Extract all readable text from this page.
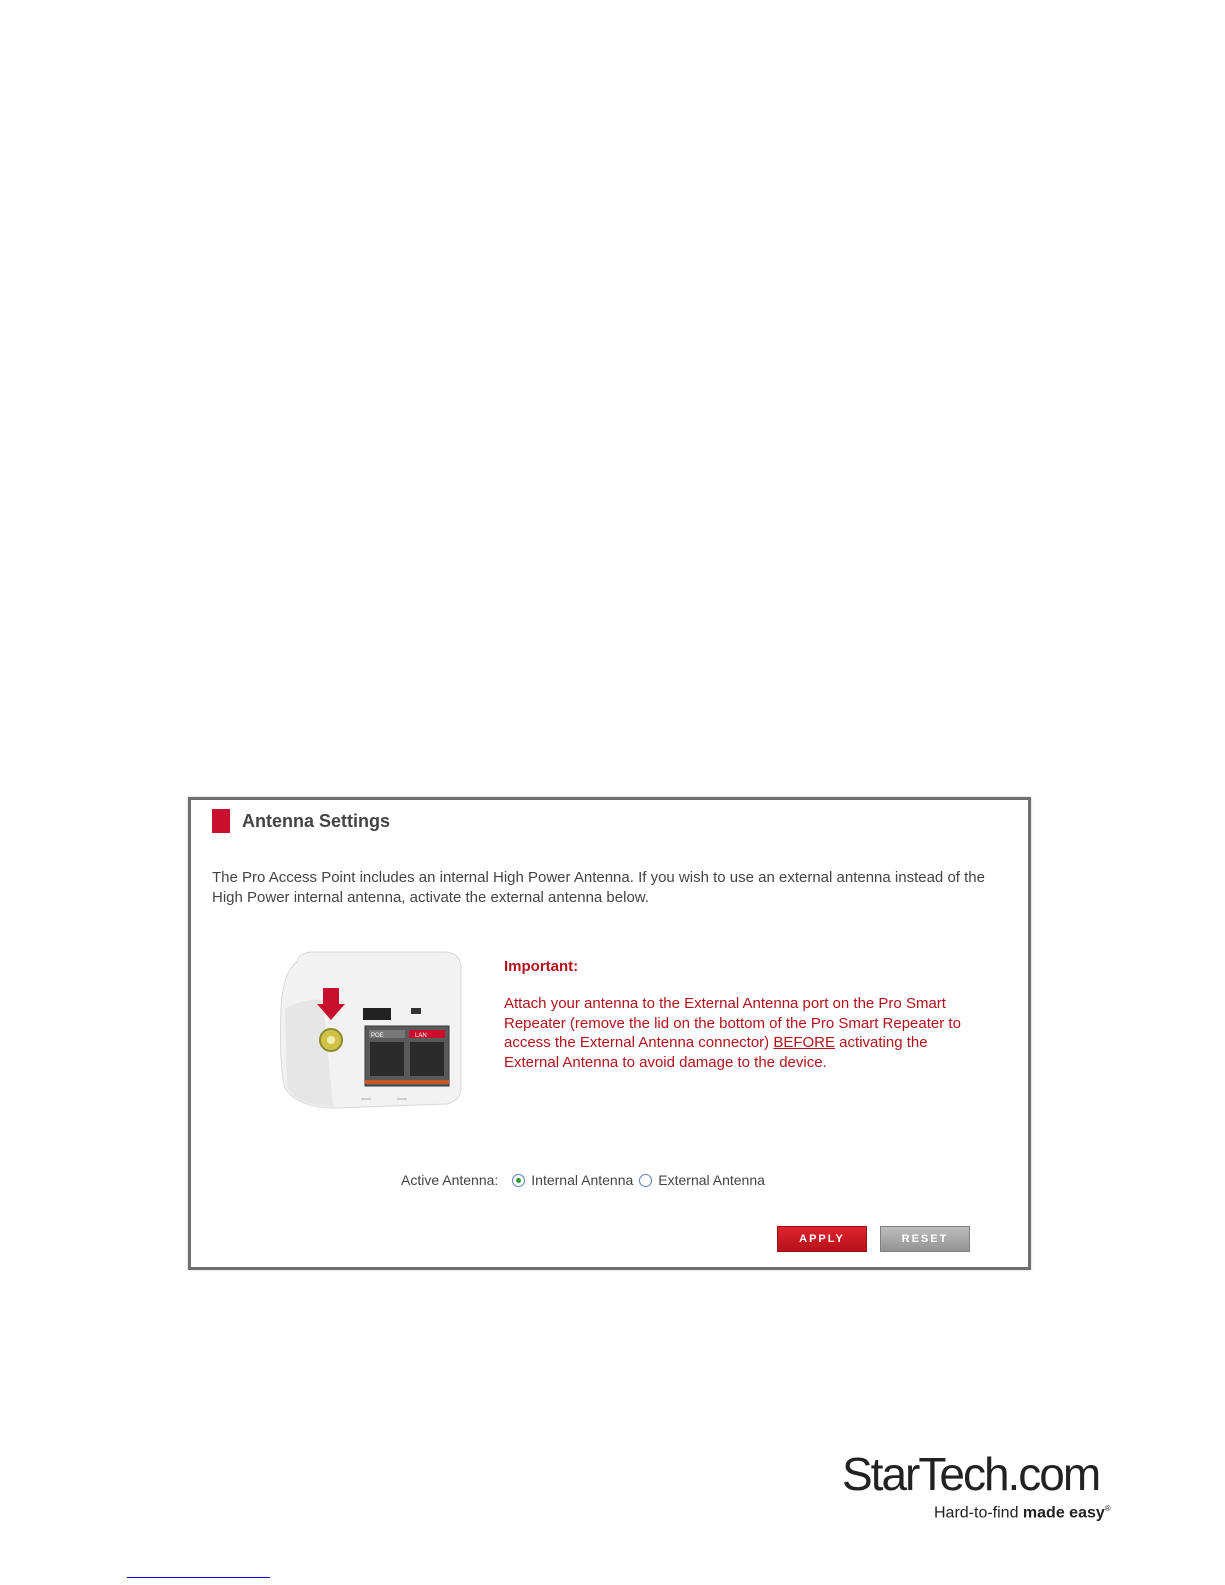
Antenna Settings
The Pro Access Point includes an internal High Power Antenna. If you wish to use an external antenna instead of the High Power internal antenna, activate the external antenna below.
POE	LAN
Important:
Attach your antenna to the External Antenna port on the Pro Smart Repeater (remove the lid on the bottom of the Pro Smart Repeater to access the External Antenna connector) BEFORE activating the External Antenna to avoid damage to the device.
Active Antenna: Internal Antenna External Antenna
APPLY	RESET
StarTech.com
Hard-to-find made easy®
